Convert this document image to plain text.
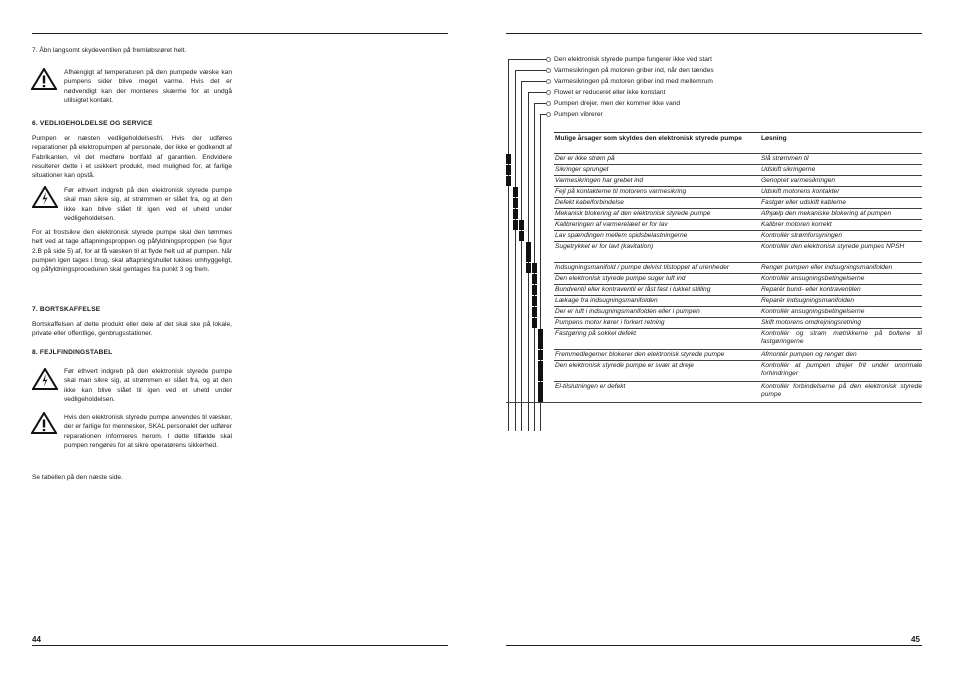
7. Åbn langsomt skydeventilen på fremløbsrøret helt.
Afhængigt af temperaturen på den pumpede væske kan pumpens sider blive meget varme. Hvis det er nødvendigt kan der monteres skærme for at undgå utilsigtet kontakt.
6. VEDLIGEHOLDELSE OG SERVICE
Pumpen er næsten vedligeholdelsesfri. Hvis der udføres reparationer på elektropumpen af personale, der ikke er godkendt af Fabrikanten, vil det medføre bortfald af garantien. Endvidere resulterer dette i et usikkert produkt, med mulighed for, at farlige situationer kan opstå.
Før ethvert indgreb på den elektronisk styrede pumpe skal man sikre sig, at strømmen er slået fra, og at den ikke kan blive slået til igen ved et uheld under vedligeholdelsen.
For at frostsikre den elektronisk styrede pumpe skal den tømmes helt ved at tage aftapningsproppen og påfyldningsproppen (se figur 2.B på side 5) af, for at få væsken til at flyde helt ud af pumpen. Når pumpen igen tages i brug, skal aftapningshullet lukkes omhyggeligt, og påfyldningsproceduren skal gentages fra punkt 3 og frem.
7. BORTSKAFFELSE
Bortskaffelsen af dette produkt eller dele af det skal ske på lokale, private eller offentlige, genbrugsstationer.
8. FEJLFINDINGSTABEL
Før ethvert indgreb på den elektronisk styrede pumpe skal man sikre sig, at strømmen er slået fra, og at den ikke kan blive slået til igen ved et uheld under vedligeholdelsen.
Hvis den elektronisk styrede pumpe anvendes til væsker, der er farlige for mennesker, SKAL personalet der udfører reparationen informeres herom. I dette tilfælde skal pumpen rengøres for at sikre operatørens sikkerhed.
Se tabellen på den næste side.
44
Den elektronisk styrede pumpe fungerer ikke ved start
Varmesikringen på motoren griber ind, når den tændes
Varmesikringen på motoren griber ind med mellemrum
Flowet er reduceret eller ikke konstant
Pumpen drejer, men der kommer ikke vand
Pumpen vibrerer
Mulige årsager som skyldes den elektronisk styrede pumpe	Løsning
Der er ikke strøm på	Slå strømmen til
Sikringer sprunget	Udskift sikringerne
Varmesikringen har grebet ind	Genopret varmesikringen
Fejl på kontakterne til motorens varmesikring	Udskift motorens kontakter
Defekt kabelforbindelse	Fastgør eller udskift kablerne
Mekanisk blokering af den elektronisk styrede pumpe	Afhjælp den mekaniske blokering af pumpen
Kalibreringen af varmerelæet er for lav	Kalibrer motoren korrekt
Lav spændingen mellem spidsbelastningerne	Kontrollér strømforsyningen
Sugetrykket er for lavt (kavitation)	Kontrollér den elektronisk styrede pumpes NPSH
Indsugningsmanifold / pumpe delvist tilstoppet af urenheder	Rengør pumpen eller indsugningsmanifolden
Den elektronisk styrede pumpe suger luft ind	Kontrollér ansugningsbetingelserne
Bundventil eller kontraventil er låst fast i lukket stilling	Reparér bund- eller kontraventilen
Lækage fra indsugningsmanifolden	Reparér indsugningsmanifolden
Der er luft i indsugningsmanifolden eller i pumpen	Kontrollér ansugningsbetingelserne
Pumpens motor kører i forkert retning	Skift motorens omdrejningsretning
Fastgøring på sokkel defekt	Kontrollér og stram møtrikkerne på boltene til fastgøringerne
Fremmedlegemer blokerer den elektronisk styrede pumpe	Afmontér pumpen og rengør den
Den elektronisk styrede pumpe er svær at dreje	Kontrollér at pumpen drejer frit under unormale forhindringer
El-tilslutningen er defekt	Kontrollér forbindelserne på den elektronisk styrede pumpe
45
